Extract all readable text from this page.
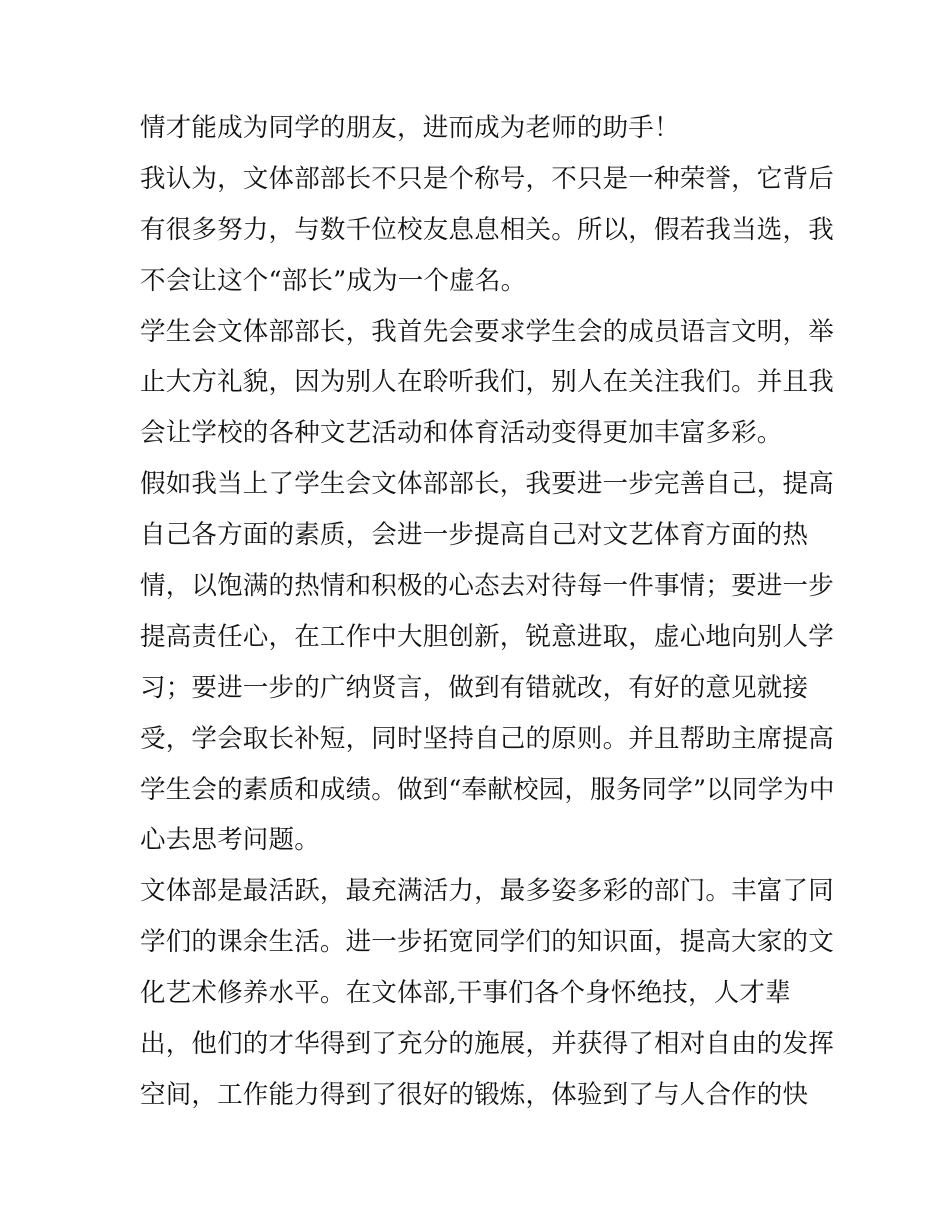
情才能成为同学的朋友，进而成为老师的助手！
我认为，文体部部长不只是个称号，不只是一种荣誉，它背后
有很多努力，与数千位校友息息相关。所以，假若我当选，我
不会让这个“部长”成为一个虚名。
学生会文体部部长，我首先会要求学生会的成员语言文明，举
止大方礼貌，因为别人在聆听我们，别人在关注我们。并且我
会让学校的各种文艺活动和体育活动变得更加丰富多彩。
假如我当上了学生会文体部部长，我要进一步完善自己，提高
自己各方面的素质，会进一步提高自己对文艺体育方面的热
情，以饱满的热情和积极的心态去对待每一件事情；要进一步
提高责任心，在工作中大胆创新，锐意进取，虚心地向别人学
习；要进一步的广纳贤言，做到有错就改，有好的意见就接
受，学会取长补短，同时坚持自己的原则。并且帮助主席提高
学生会的素质和成绩。做到“奉献校园，服务同学”以同学为中
心去思考问题。
文体部是最活跃，最充满活力，最多姿多彩的部门。丰富了同
学们的课余生活。进一步拓宽同学们的知识面，提高大家的文
化艺术修养水平。在文体部,干事们各个身怀绝技，人才辈
出，他们的才华得到了充分的施展，并获得了相对自由的发挥
空间，工作能力得到了很好的锻炼，体验到了与人合作的快
